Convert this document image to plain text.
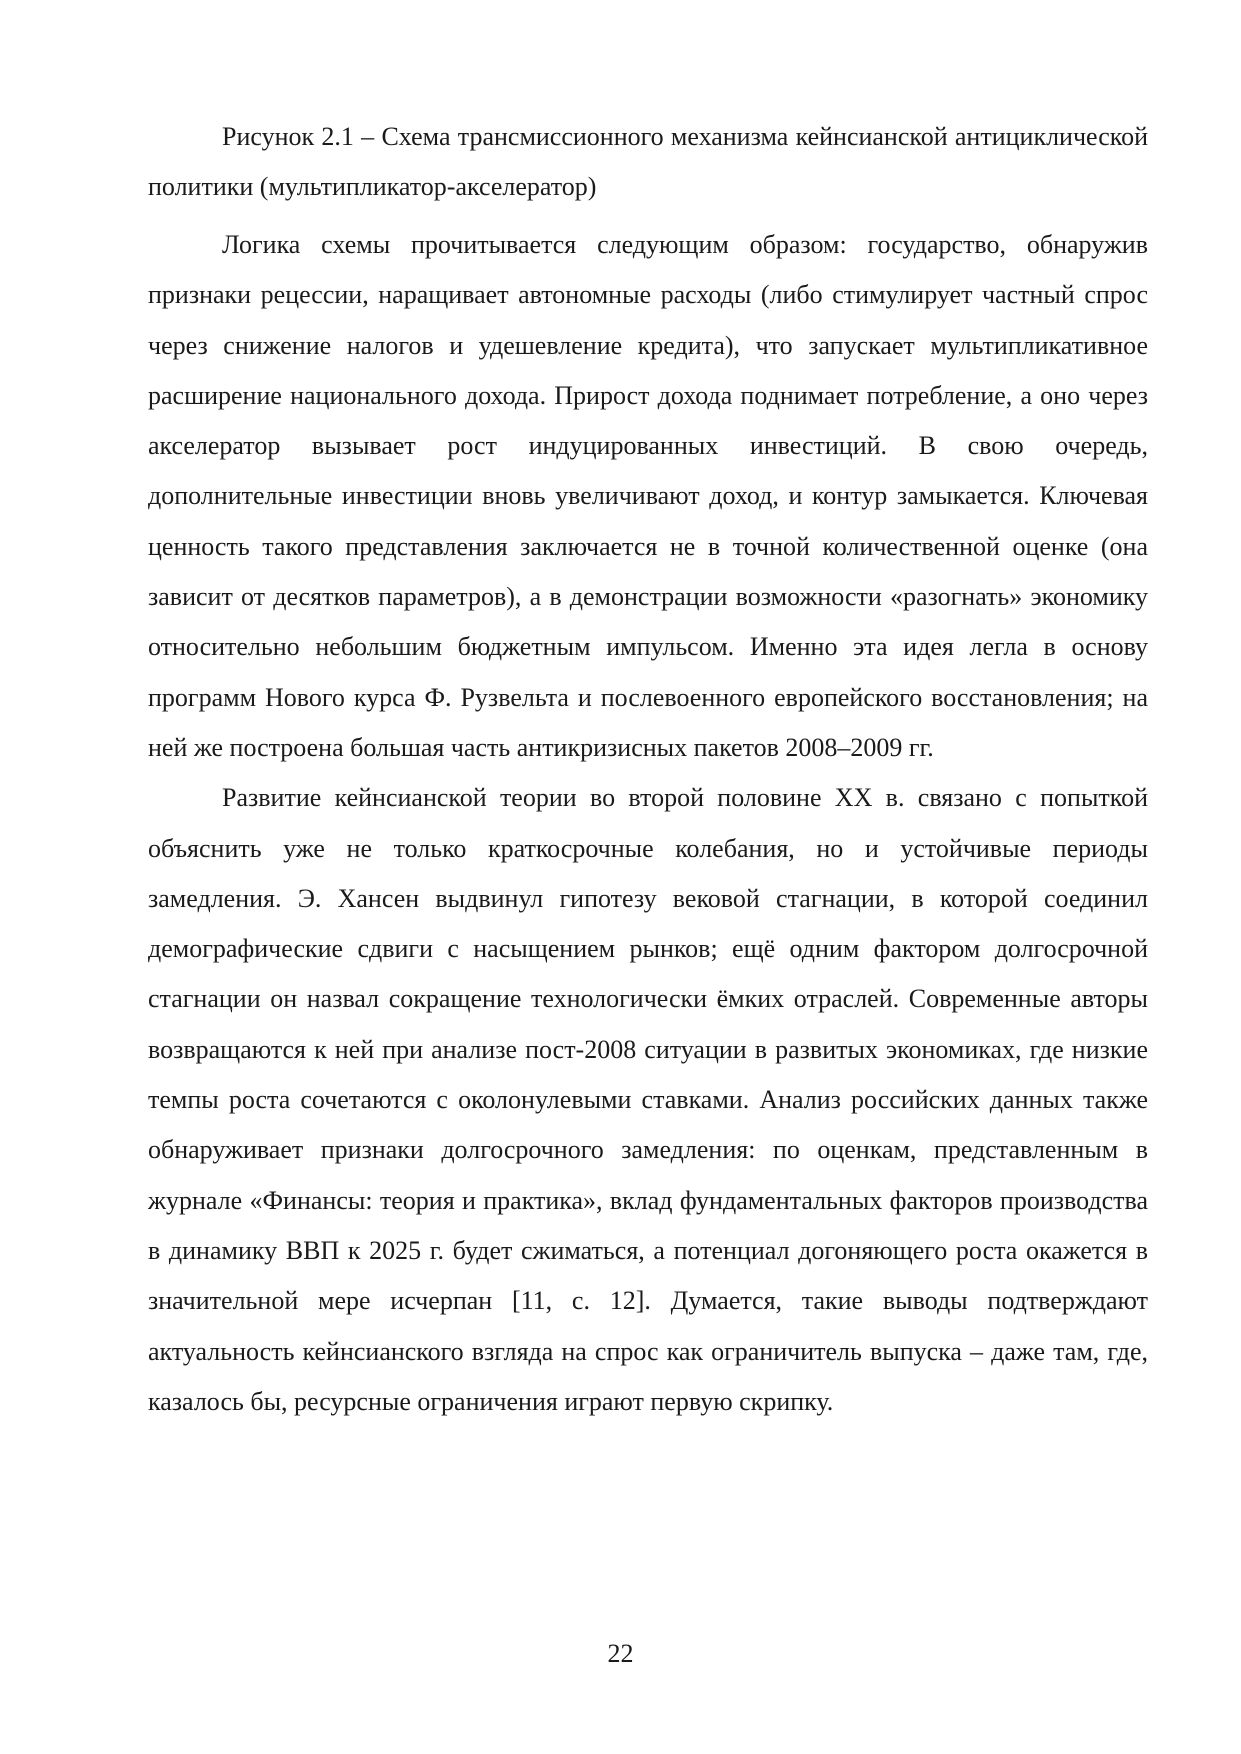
Рисунок 2.1 – Схема трансмиссионного механизма кейнсианской антициклической политики (мультипликатор-акселератор)

Логика схемы прочитывается следующим образом: государство, обнаружив признаки рецессии, наращивает автономные расходы (либо стимулирует частный спрос через снижение налогов и удешевление кредита), что запускает мультипликативное расширение национального дохода. Прирост дохода поднимает потребление, а оно через акселератор вызывает рост индуцированных инвестиций. В свою очередь, дополнительные инвестиции вновь увеличивают доход, и контур замыкается. Ключевая ценность такого представления заключается не в точной количественной оценке (она зависит от десятков параметров), а в демонстрации возможности «разогнать» экономику относительно небольшим бюджетным импульсом. Именно эта идея легла в основу программ Нового курса Ф. Рузвельта и послевоенного европейского восстановления; на ней же построена большая часть антикризисных пакетов 2008–2009 гг.

Развитие кейнсианской теории во второй половине XX в. связано с попыткой объяснить уже не только краткосрочные колебания, но и устойчивые периоды замедления. Э. Хансен выдвинул гипотезу вековой стагнации, в которой соединил демографические сдвиги с насыщением рынков; ещё одним фактором долгосрочной стагнации он назвал сокращение технологически ёмких отраслей. Современные авторы возвращаются к ней при анализе пост-2008 ситуации в развитых экономиках, где низкие темпы роста сочетаются с околонулевыми ставками. Анализ российских данных также обнаруживает признаки долгосрочного замедления: по оценкам, представленным в журнале «Финансы: теория и практика», вклад фундаментальных факторов производства в динамику ВВП к 2025 г. будет сжиматься, а потенциал догоняющего роста окажется в значительной мере исчерпан [11, с. 12]. Думается, такие выводы подтверждают актуальность кейнсианского взгляда на спрос как ограничитель выпуска – даже там, где, казалось бы, ресурсные ограничения играют первую скрипку.

22
